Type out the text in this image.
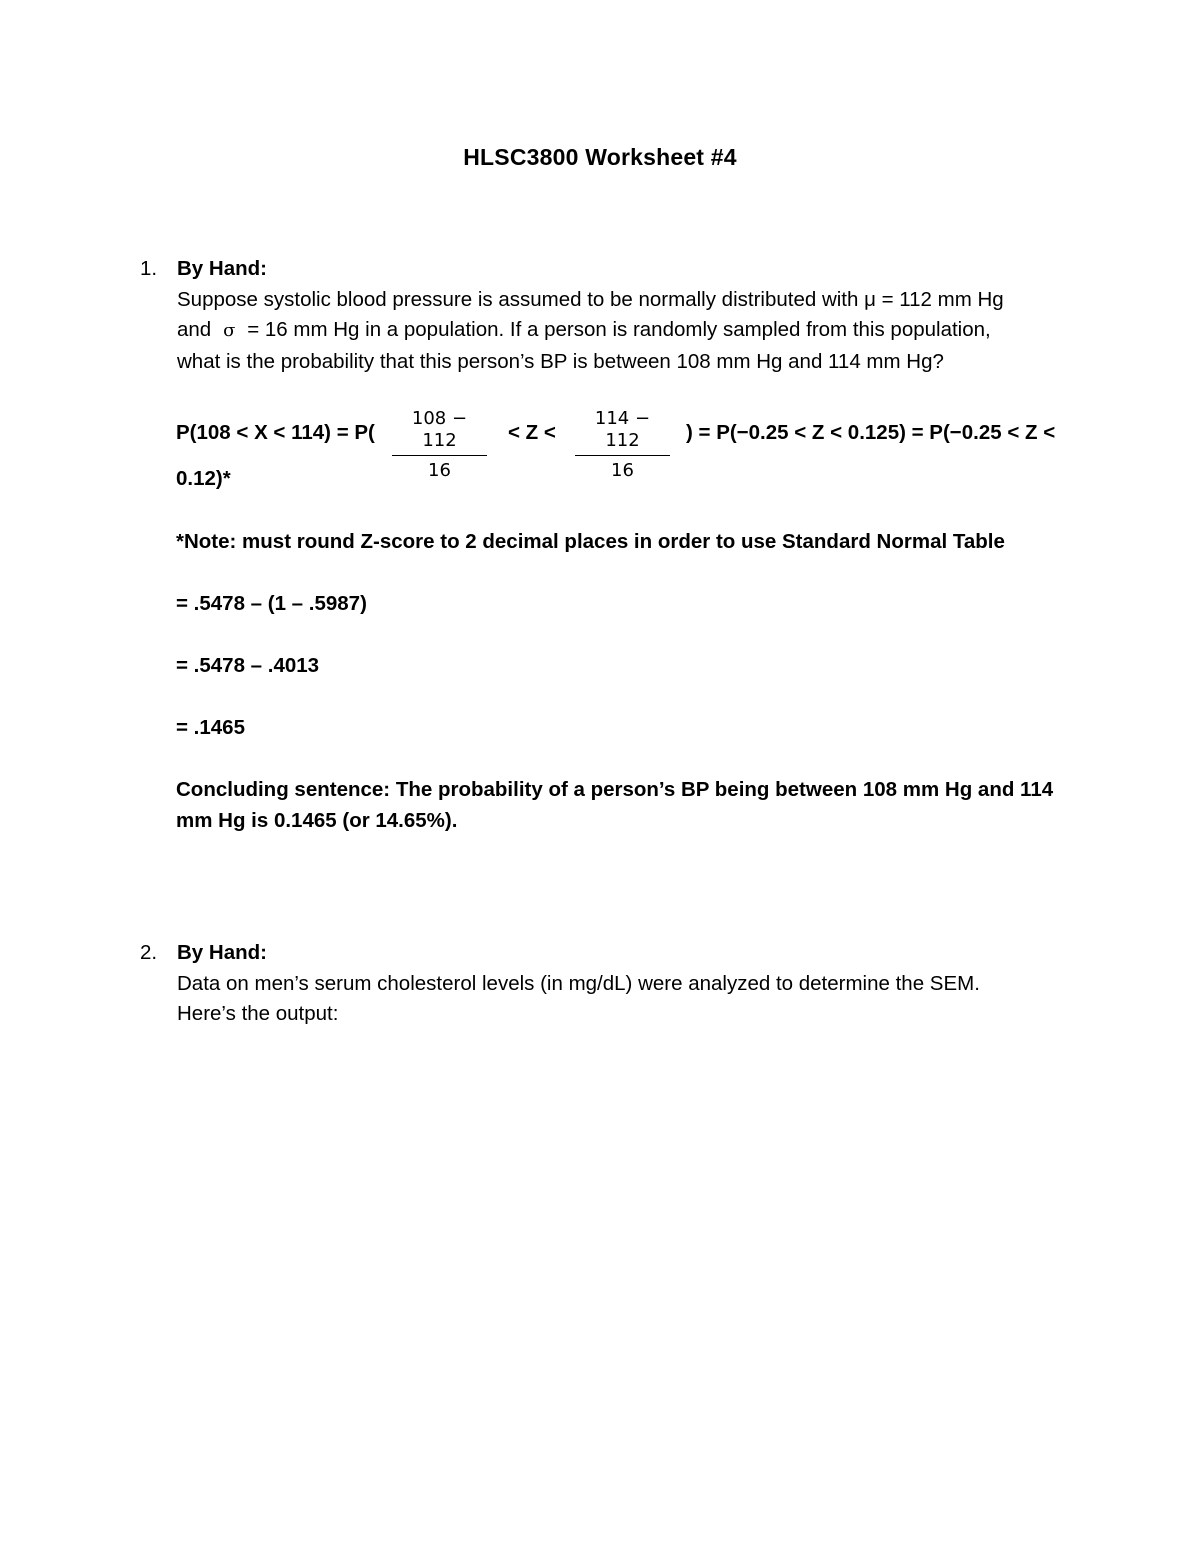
HLSC3800 Worksheet #4
1. By Hand:
Suppose systolic blood pressure is assumed to be normally distributed with μ = 112 mm Hg
and σ = 16 mm Hg in a population. If a person is randomly sampled from this population,
what is the probability that this person’s BP is between 108 mm Hg and 114 mm Hg?
P(108 < X < 114) = P(
108 − 112
16
< Z <
114 − 112
16
) = P(−0.25 < Z < 0.125) = P(−0.25 < Z <
0.12)*
*Note: must round Z-score to 2 decimal places in order to use Standard Normal Table
= .5478 – (1 – .5987)
= .5478 – .4013
= .1465
Concluding sentence: The probability of a person’s BP being between 108 mm Hg and 114
mm Hg is 0.1465 (or 14.65%).
2. By Hand:
Data on men’s serum cholesterol levels (in mg/dL) were analyzed to determine the SEM.
Here’s the output:
